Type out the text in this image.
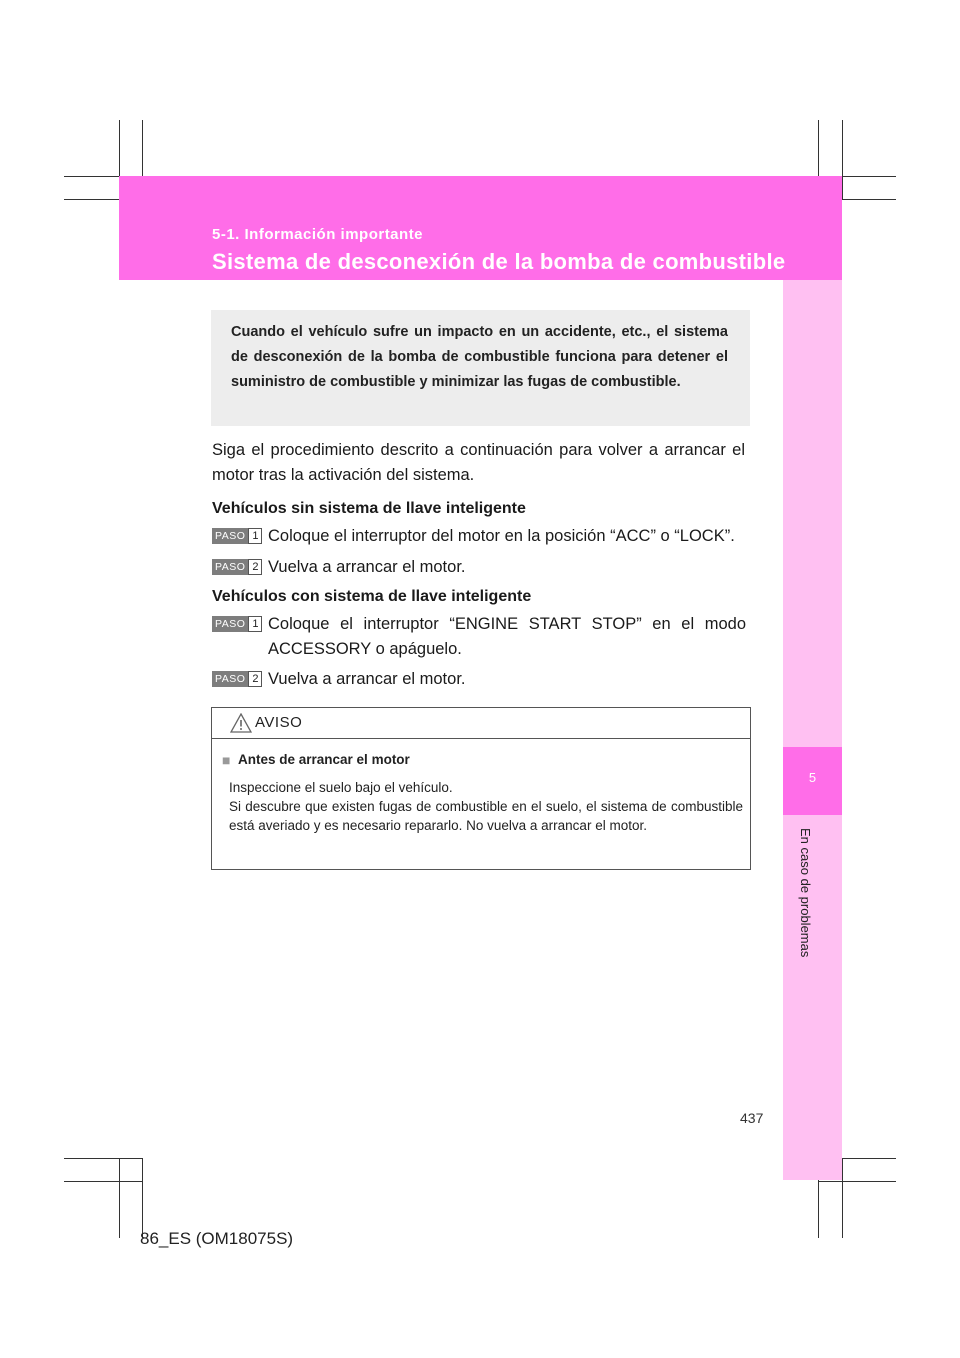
5-1. Información importante
Sistema de desconexión de la bomba de combustible
5
En caso de problemas
Cuando el vehículo sufre un impacto en un accidente, etc., el sistema de desconexión de la bomba de combustible funciona para detener el suministro de combustible y minimizar las fugas de combustible.
Siga el procedimiento descrito a continuación para volver a arrancar el motor tras la activación del sistema.
Vehículos sin sistema de llave inteligente
PASO 1 Coloque el interruptor del motor en la posición “ACC” o “LOCK”.
PASO 2 Vuelva a arrancar el motor.
Vehículos con sistema de llave inteligente
PASO 1 Coloque el interruptor “ENGINE START STOP” en el modo ACCESSORY o apáguelo.
PASO 2 Vuelva a arrancar el motor.
AVISO
■ Antes de arrancar el motor
Inspeccione el suelo bajo el vehículo.
Si descubre que existen fugas de combustible en el suelo, el sistema de combustible está averiado y es necesario repararlo. No vuelva a arrancar el motor.
437
86_ES (OM18075S)
